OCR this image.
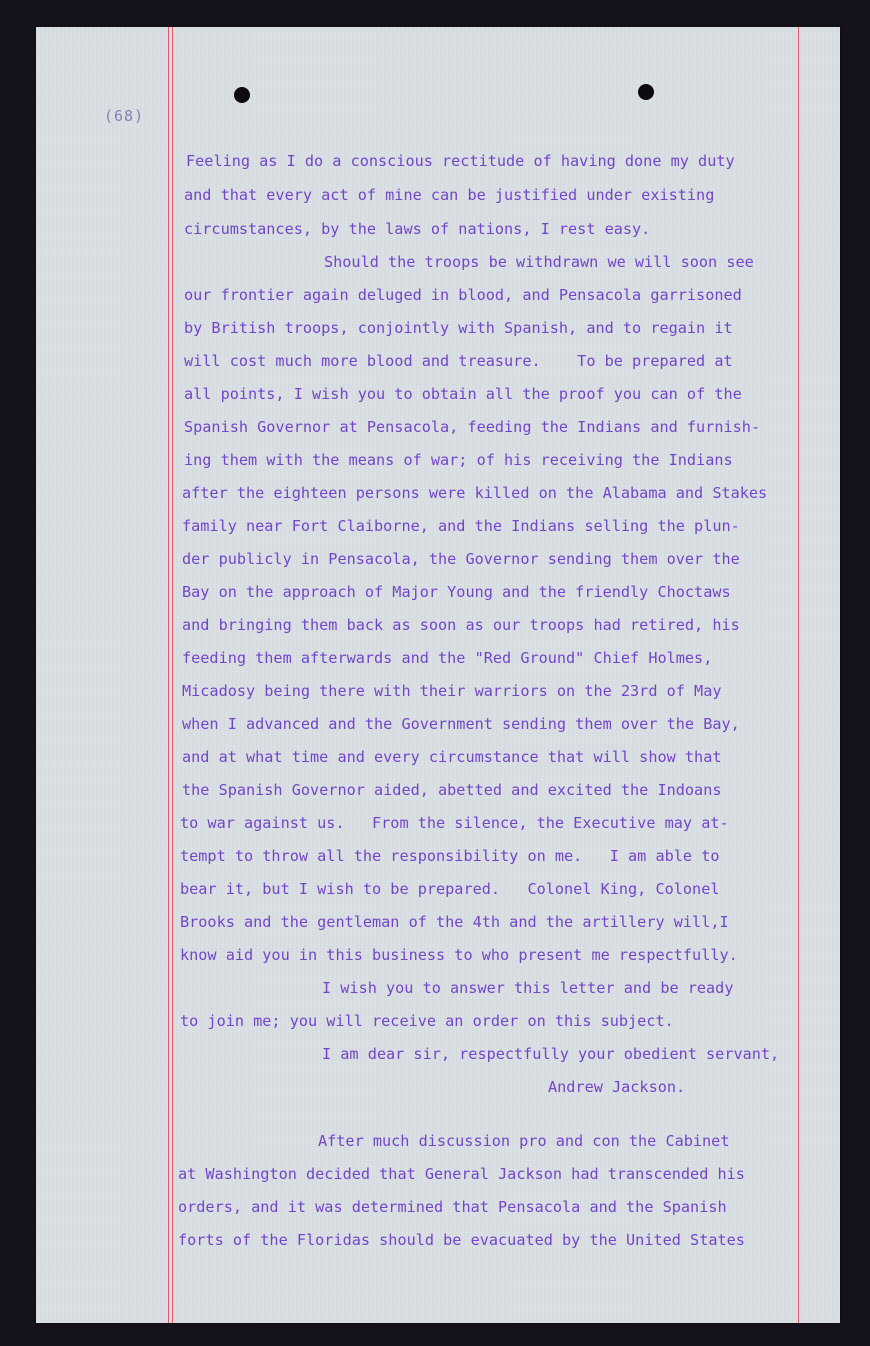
(68)

Feeling as I do a conscious rectitude of having done my duty

and that every act of mine can be justified under existing

circumstances, by the laws of nations, I rest easy.

Should the troops be withdrawn we will soon see

our frontier again deluged in blood, and Pensacola garrisoned

by British troops, conjointly with Spanish, and to regain it

will cost much more blood and treasure.    To be prepared at

all points, I wish you to obtain all the proof you can of the

Spanish Governor at Pensacola, feeding the Indians and furnish-

ing them with the means of war; of his receiving the Indians

after the eighteen persons were killed on the Alabama and Stakes

family near Fort Claiborne, and the Indians selling the plun-

der publicly in Pensacola, the Governor sending them over the

Bay on the approach of Major Young and the friendly Choctaws

and bringing them back as soon as our troops had retired, his

feeding them afterwards and the "Red Ground" Chief Holmes,

Micadosy being there with their warriors on the 23rd of May

when I advanced and the Government sending them over the Bay,

and at what time and every circumstance that will show that

the Spanish Governor aided, abetted and excited the Indoans

to war against us.   From the silence, the Executive may at-

tempt to throw all the responsibility on me.   I am able to

bear it, but I wish to be prepared.   Colonel King, Colonel

Brooks and the gentleman of the 4th and the artillery will,I

know aid you in this business to who present me respectfully.

I wish you to answer this letter and be ready

to join me; you will receive an order on this subject.

I am dear sir, respectfully your obedient servant,

Andrew Jackson.

After much discussion pro and con the Cabinet

at Washington decided that General Jackson had transcended his

orders, and it was determined that Pensacola and the Spanish

forts of the Floridas should be evacuated by the United States
